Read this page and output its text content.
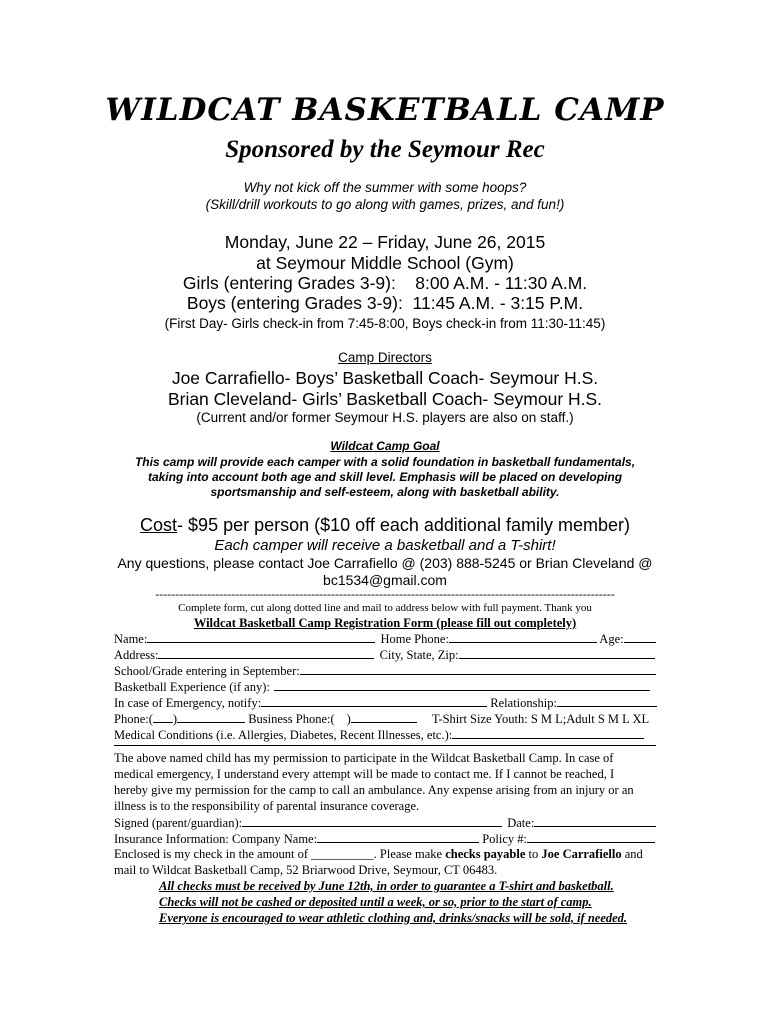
WILDCAT BASKETBALL CAMP
Sponsored by the Seymour Rec
Why not kick off the summer with some hoops?
(Skill/drill workouts to go along with games, prizes, and fun!)
Monday, June 22 – Friday, June 26, 2015
at Seymour Middle School (Gym)
Girls (entering Grades 3-9):    8:00 A.M. - 11:30 A.M.
Boys (entering Grades 3-9):  11:45 A.M. - 3:15 P.M.
(First Day- Girls check-in from 7:45-8:00, Boys check-in from 11:30-11:45)
Camp Directors
Joe Carrafiello- Boys’ Basketball Coach- Seymour H.S.
Brian Cleveland- Girls’ Basketball Coach- Seymour H.S.
(Current and/or former Seymour H.S. players are also on staff.)
Wildcat Camp Goal
This camp will provide each camper with a solid foundation in basketball fundamentals,
taking into account both age and skill level. Emphasis will be placed on developing
sportsmanship and self-esteem, along with basketball ability.
Cost- $95 per person ($10 off each additional family member)
Each camper will receive a basketball and a T-shirt!
Any questions, please contact Joe Carrafiello @ (203) 888-5245 or Brian Cleveland @
bc1534@gmail.com
-------------------------------------------------------------------------------------------------------------------
Complete form, cut along dotted line and mail to address below with full payment. Thank you
Wildcat Basketball Camp Registration Form (please fill out completely)
Name:	Home Phone:	Age:
Address:	City, State, Zip:
School/Grade entering in September:
Basketball Experience (if any):
In case of Emergency, notify:	Relationship:
Phone:( )	Business Phone:( )	T-Shirt Size Youth: S M L;Adult S M L XL
Medical Conditions (i.e. Allergies, Diabetes, Recent Illnesses, etc.):
The above named child has my permission to participate in the Wildcat Basketball Camp. In case of
medical emergency, I understand every attempt will be made to contact me. If I cannot be reached, I
hereby give my permission for the camp to call an ambulance. Any expense arising from an injury or an
illness is to the responsibility of parental insurance coverage.
Signed (parent/guardian):	Date:
Insurance Information: Company Name:	Policy #:
Enclosed is my check in the amount of __________. Please make checks payable to Joe Carrafiello and
mail to Wildcat Basketball Camp, 52 Briarwood Drive, Seymour, CT 06483.
All checks must be received by June 12th, in order to guarantee a T-shirt and basketball.
Checks will not be cashed or deposited until a week, or so, prior to the start of camp.
Everyone is encouraged to wear athletic clothing and, drinks/snacks will be sold, if needed.
